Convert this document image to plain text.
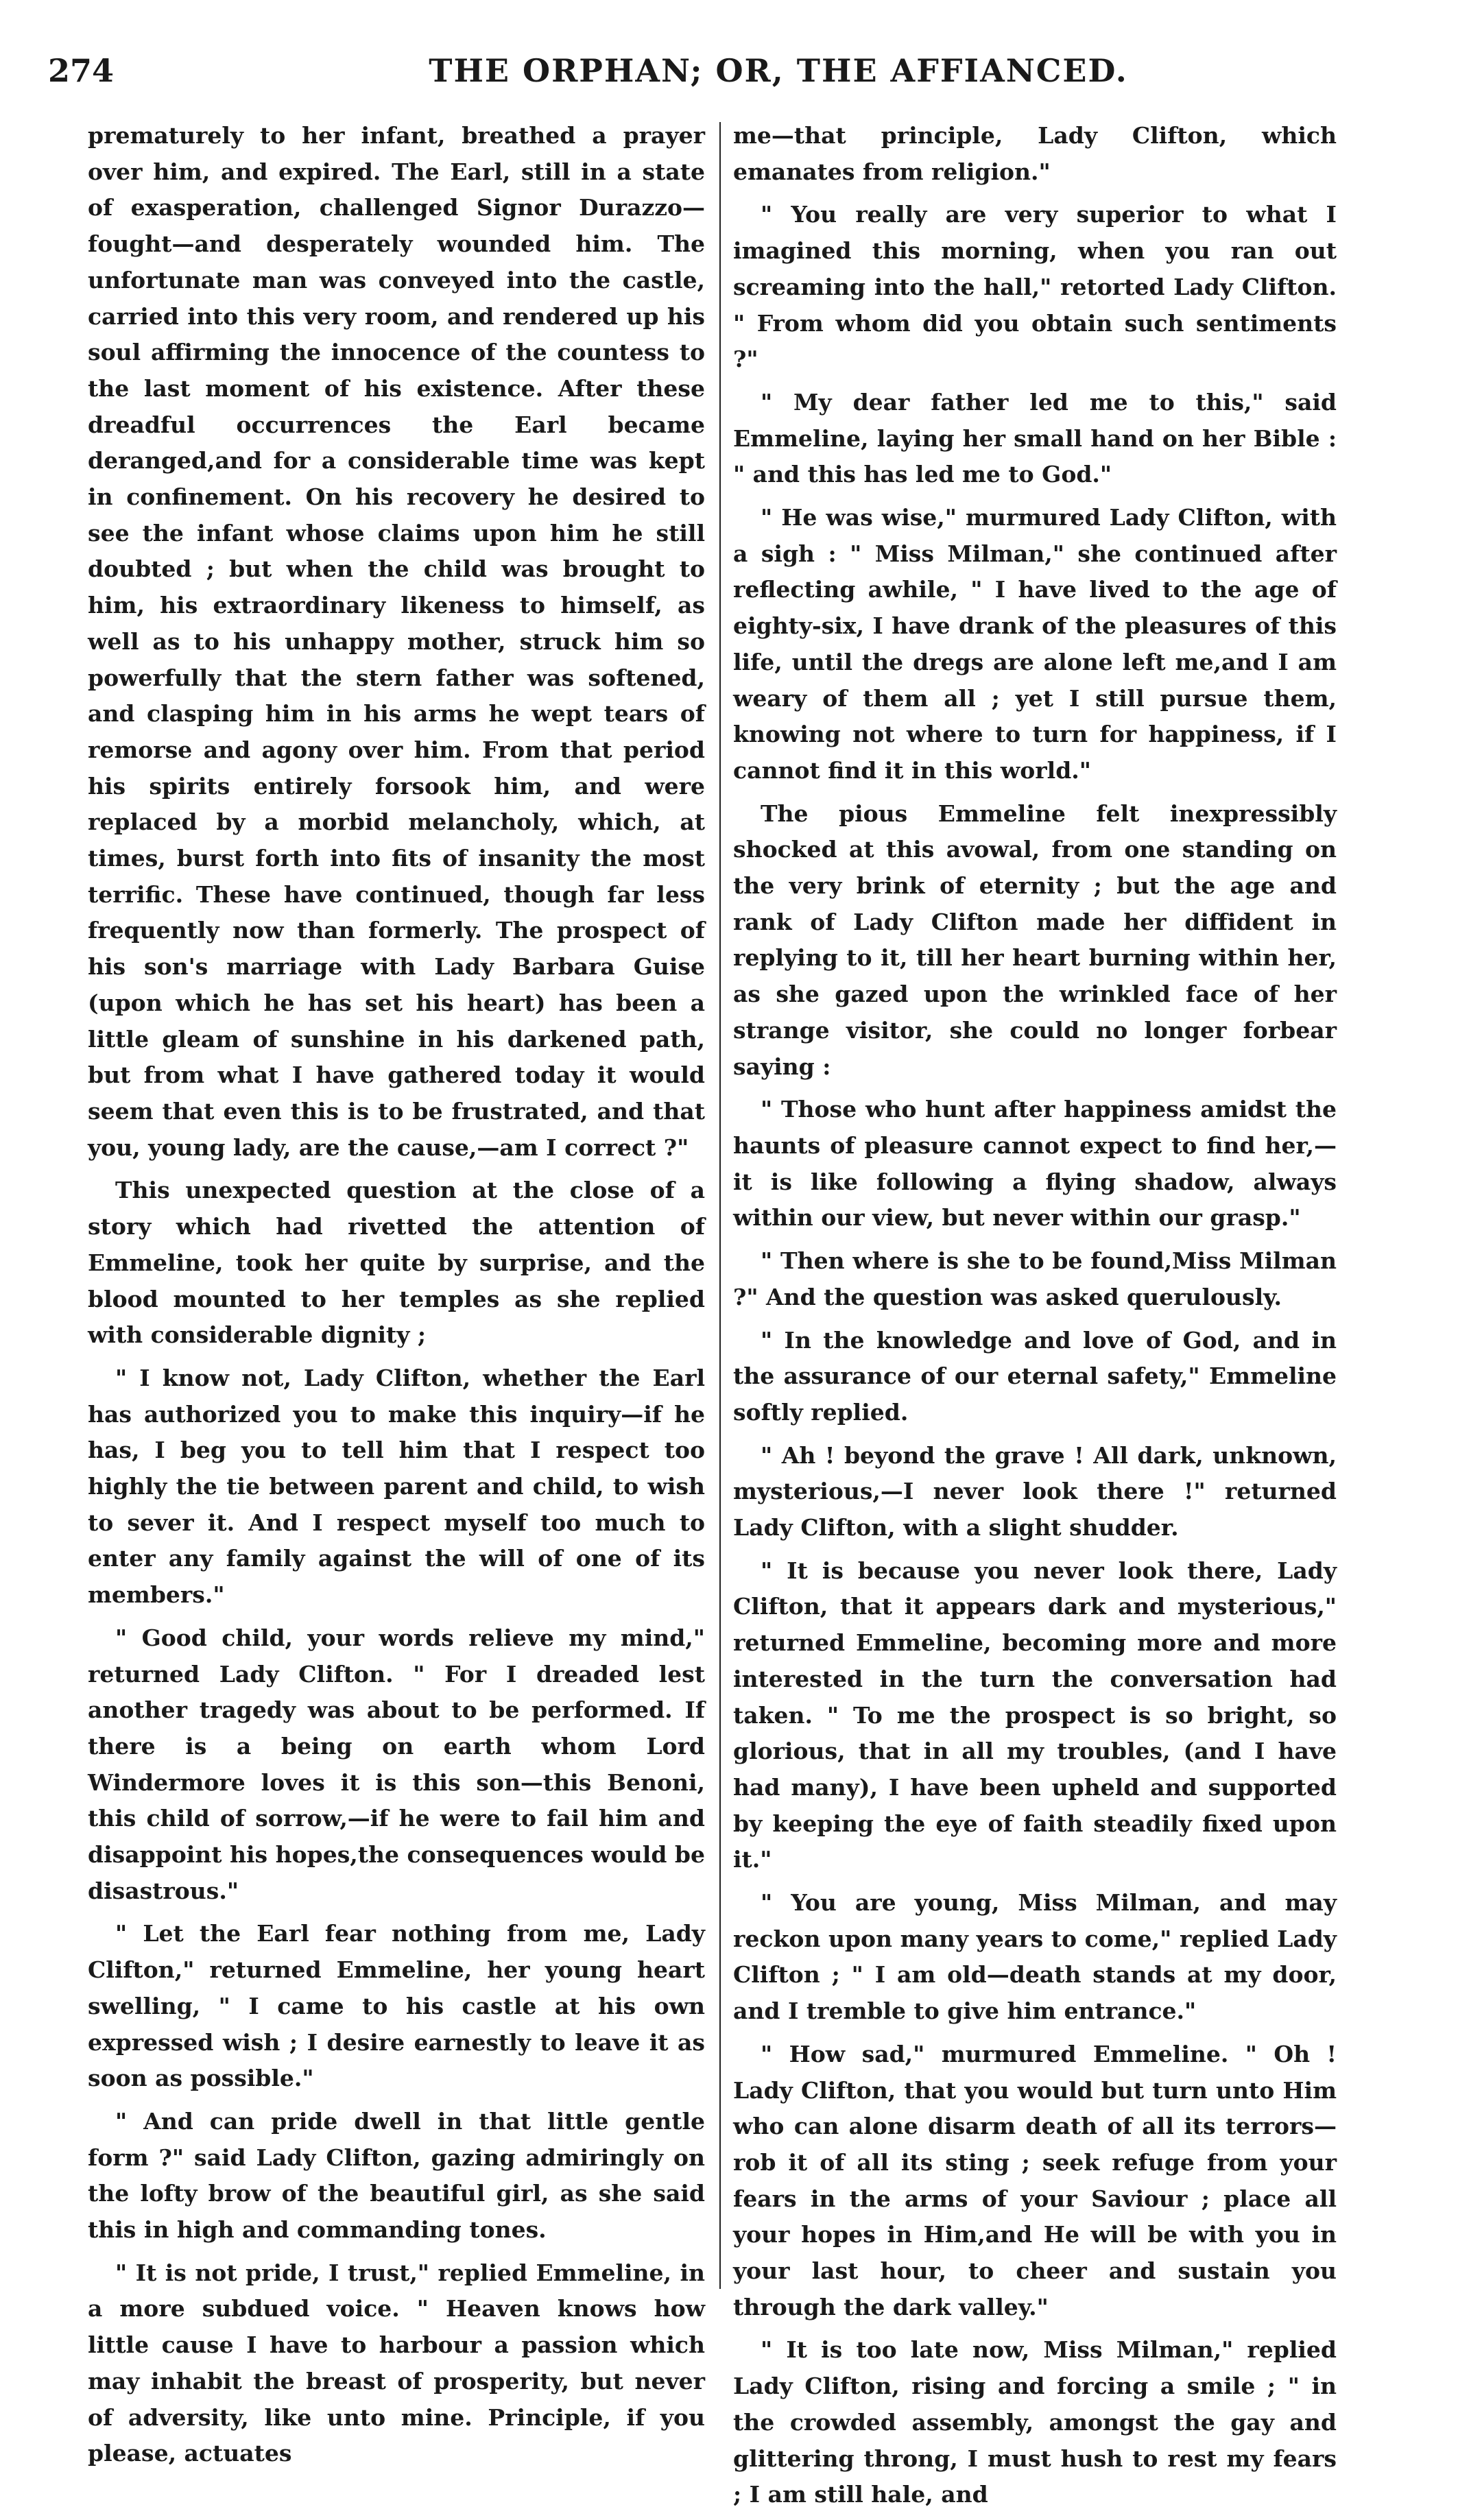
274	THE ORPHAN; OR, THE AFFIANCED.

prematurely to her infant, breathed a prayer over him, and expired. The Earl, still in a state of exasperation, challenged Signor Durazzo—fought—and desperately wounded him. The unfortunate man was conveyed into the castle, carried into this very room, and rendered up his soul affirming the innocence of the countess to the last moment of his existence. After these dreadful occurrences the Earl became deranged,and for a considerable time was kept in confinement. On his recovery he desired to see the infant whose claims upon him he still doubted ; but when the child was brought to him, his extraordinary likeness to himself, as well as to his unhappy mother, struck him so powerfully that the stern father was softened, and clasping him in his arms he wept tears of remorse and agony over him. From that period his spirits entirely forsook him, and were replaced by a morbid melancholy, which, at times, burst forth into fits of insanity the most terrific. These have continued, though far less frequently now than formerly. The prospect of his son's marriage with Lady Barbara Guise (upon which he has set his heart) has been a little gleam of sunshine in his darkened path, but from what I have gathered today it would seem that even this is to be frustrated, and that you, young lady, are the cause,—am I correct ?"

This unexpected question at the close of a story which had rivetted the attention of Emmeline, took her quite by surprise, and the blood mounted to her temples as she replied with considerable dignity ;

" I know not, Lady Clifton, whether the Earl has authorized you to make this inquiry—if he has, I beg you to tell him that I respect too highly the tie between parent and child, to wish to sever it. And I respect myself too much to enter any family against the will of one of its members."

" Good child, your words relieve my mind," returned Lady Clifton. " For I dreaded lest another tragedy was about to be performed. If there is a being on earth whom Lord Windermore loves it is this son—this Benoni, this child of sorrow,—if he were to fail him and disappoint his hopes,the consequences would be disastrous."

" Let the Earl fear nothing from me, Lady Clifton," returned Emmeline, her young heart swelling, " I came to his castle at his own expressed wish ; I desire earnestly to leave it as soon as possible."

" And can pride dwell in that little gentle form ?" said Lady Clifton, gazing admiringly on the lofty brow of the beautiful girl, as she said this in high and commanding tones.

" It is not pride, I trust," replied Emmeline, in a more subdued voice. " Heaven knows how little cause I have to harbour a passion which may inhabit the breast of prosperity, but never of adversity, like unto mine. Principle, if you please, actuates

me—that principle, Lady Clifton, which emanates from religion."

" You really are very superior to what I imagined this morning, when you ran out screaming into the hall," retorted Lady Clifton. " From whom did you obtain such sentiments ?"

" My dear father led me to this," said Emmeline, laying her small hand on her Bible : " and this has led me to God."

" He was wise," murmured Lady Clifton, with a sigh : " Miss Milman," she continued after reflecting awhile, " I have lived to the age of eighty-six, I have drank of the pleasures of this life, until the dregs are alone left me,and I am weary of them all ; yet I still pursue them, knowing not where to turn for happiness, if I cannot find it in this world."

The pious Emmeline felt inexpressibly shocked at this avowal, from one standing on the very brink of eternity ; but the age and rank of Lady Clifton made her diffident in replying to it, till her heart burning within her, as she gazed upon the wrinkled face of her strange visitor, she could no longer forbear saying :

" Those who hunt after happiness amidst the haunts of pleasure cannot expect to find her,—it is like following a flying shadow, always within our view, but never within our grasp."

" Then where is she to be found,Miss Milman ?" And the question was asked querulously.

" In the knowledge and love of God, and in the assurance of our eternal safety," Emmeline softly replied.

" Ah ! beyond the grave ! All dark, unknown, mysterious,—I never look there !" returned Lady Clifton, with a slight shudder.

" It is because you never look there, Lady Clifton, that it appears dark and mysterious," returned Emmeline, becoming more and more interested in the turn the conversation had taken. " To me the prospect is so bright, so glorious, that in all my troubles, (and I have had many), I have been upheld and supported by keeping the eye of faith steadily fixed upon it."

" You are young, Miss Milman, and may reckon upon many years to come," replied Lady Clifton ; " I am old—death stands at my door, and I tremble to give him entrance."

" How sad," murmured Emmeline. " Oh ! Lady Clifton, that you would but turn unto Him who can alone disarm death of all its terrors—rob it of all its sting ; seek refuge from your fears in the arms of your Saviour ; place all your hopes in Him,and He will be with you in your last hour, to cheer and sustain you through the dark valley."

" It is too late now, Miss Milman," replied Lady Clifton, rising and forcing a smile ; " in the crowded assembly, amongst the gay and glittering throng, I must hush to rest my fears ; I am still hale, and
